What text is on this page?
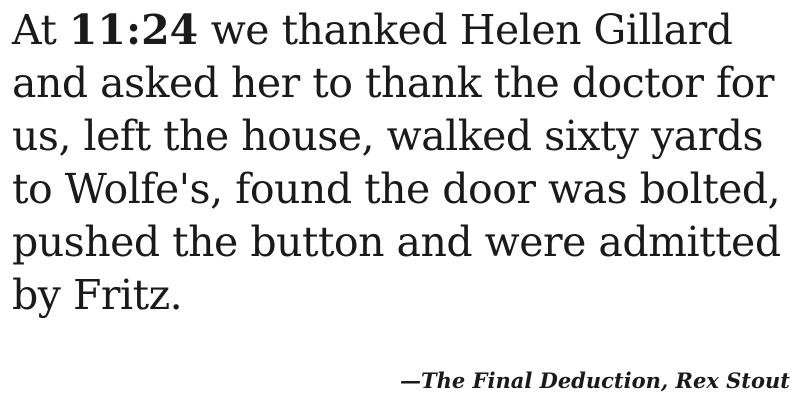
At 11:24 we thanked Helen Gillard and asked her to thank the doctor for us, left the house, walked sixty yards to Wolfe's, found the door was bolted, pushed the button and were admitted by Fritz.

—The Final Deduction, Rex Stout
